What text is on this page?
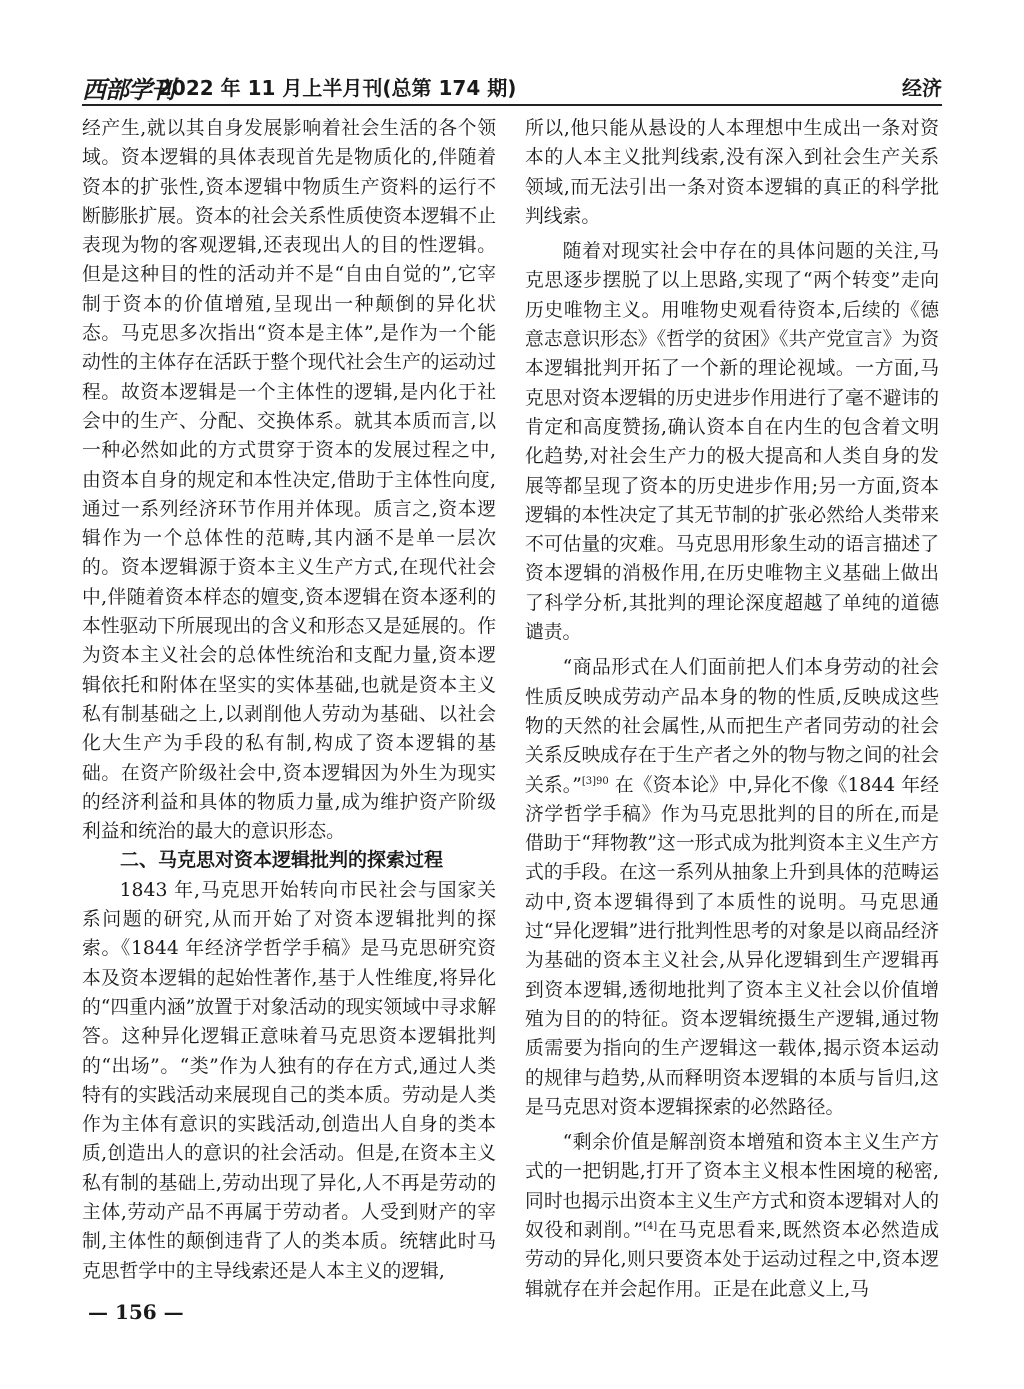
西部学刊
2022 年 11 月上半月刊(总第 174 期)	经济

经产生,就以其自身发展影响着社会生活的各个领域。资本逻辑的具体表现首先是物质化的,伴随着资本的扩张性,资本逻辑中物质生产资料的运行不断膨胀扩展。资本的社会关系性质使资本逻辑不止表现为物的客观逻辑,还表现出人的目的性逻辑。但是这种目的性的活动并不是“自由自觉的”,它宰制于资本的价值增殖,呈现出一种颠倒的异化状态。马克思多次指出“资本是主体”,是作为一个能动性的主体存在活跃于整个现代社会生产的运动过程。故资本逻辑是一个主体性的逻辑,是内化于社会中的生产、分配、交换体系。就其本质而言,以一种必然如此的方式贯穿于资本的发展过程之中,由资本自身的规定和本性决定,借助于主体性向度,通过一系列经济环节作用并体现。质言之,资本逻辑作为一个总体性的范畴,其内涵不是单一层次的。资本逻辑源于资本主义生产方式,在现代社会中,伴随着资本样态的嬗变,资本逻辑在资本逐利的本性驱动下所展现出的含义和形态又是延展的。作为资本主义社会的总体性统治和支配力量,资本逻辑依托和附体在坚实的实体基础,也就是资本主义私有制基础之上,以剥削他人劳动为基础、以社会化大生产为手段的私有制,构成了资本逻辑的基础。在资产阶级社会中,资本逻辑因为外生为现实的经济利益和具体的物质力量,成为维护资产阶级利益和统治的最大的意识形态。

二、马克思对资本逻辑批判的探索过程

1843 年,马克思开始转向市民社会与国家关系问题的研究,从而开始了对资本逻辑批判的探索。《1844 年经济学哲学手稿》是马克思研究资本及资本逻辑的起始性著作,基于人性维度,将异化的“四重内涵”放置于对象活动的现实领域中寻求解答。这种异化逻辑正意味着马克思资本逻辑批判的“出场”。“类”作为人独有的存在方式,通过人类特有的实践活动来展现自己的类本质。劳动是人类作为主体有意识的实践活动,创造出人自身的类本质,创造出人的意识的社会活动。但是,在资本主义私有制的基础上,劳动出现了异化,人不再是劳动的主体,劳动产品不再属于劳动者。人受到财产的宰制,主体性的颠倒违背了人的类本质。统辖此时马克思哲学中的主导线索还是人本主义的逻辑,

所以,他只能从悬设的人本理想中生成出一条对资本的人本主义批判线索,没有深入到社会生产关系领域,而无法引出一条对资本逻辑的真正的科学批判线索。

随着对现实社会中存在的具体问题的关注,马克思逐步摆脱了以上思路,实现了“两个转变”走向历史唯物主义。用唯物史观看待资本,后续的《德意志意识形态》《哲学的贫困》《共产党宣言》为资本逻辑批判开拓了一个新的理论视域。一方面,马克思对资本逻辑的历史进步作用进行了毫不避讳的肯定和高度赞扬,确认资本自在内生的包含着文明化趋势,对社会生产力的极大提高和人类自身的发展等都呈现了资本的历史进步作用;另一方面,资本逻辑的本性决定了其无节制的扩张必然给人类带来不可估量的灾难。马克思用形象生动的语言描述了资本逻辑的消极作用,在历史唯物主义基础上做出了科学分析,其批判的理论深度超越了单纯的道德谴责。

“商品形式在人们面前把人们本身劳动的社会性质反映成劳动产品本身的物的性质,反映成这些物的天然的社会属性,从而把生产者同劳动的社会关系反映成存在于生产者之外的物与物之间的社会关系。”$^{[3]90}$ 在《资本论》中,异化不像《1844 年经济学哲学手稿》作为马克思批判的目的所在,而是借助于“拜物教”这一形式成为批判资本主义生产方式的手段。在这一系列从抽象上升到具体的范畴运动中,资本逻辑得到了本质性的说明。马克思通过“异化逻辑”进行批判性思考的对象是以商品经济为基础的资本主义社会,从异化逻辑到生产逻辑再到资本逻辑,透彻地批判了资本主义社会以价值增殖为目的的特征。资本逻辑统摄生产逻辑,通过物质需要为指向的生产逻辑这一载体,揭示资本运动的规律与趋势,从而释明资本逻辑的本质与旨归,这是马克思对资本逻辑探索的必然路径。

“剩余价值是解剖资本增殖和资本主义生产方式的一把钥匙,打开了资本主义根本性困境的秘密,同时也揭示出资本主义生产方式和资本逻辑对人的奴役和剥削。”[4]在马克思看来,既然资本必然造成劳动的异化,则只要资本处于运动过程之中,资本逻辑就存在并会起作用。正是在此意义上,马

— 156 —
